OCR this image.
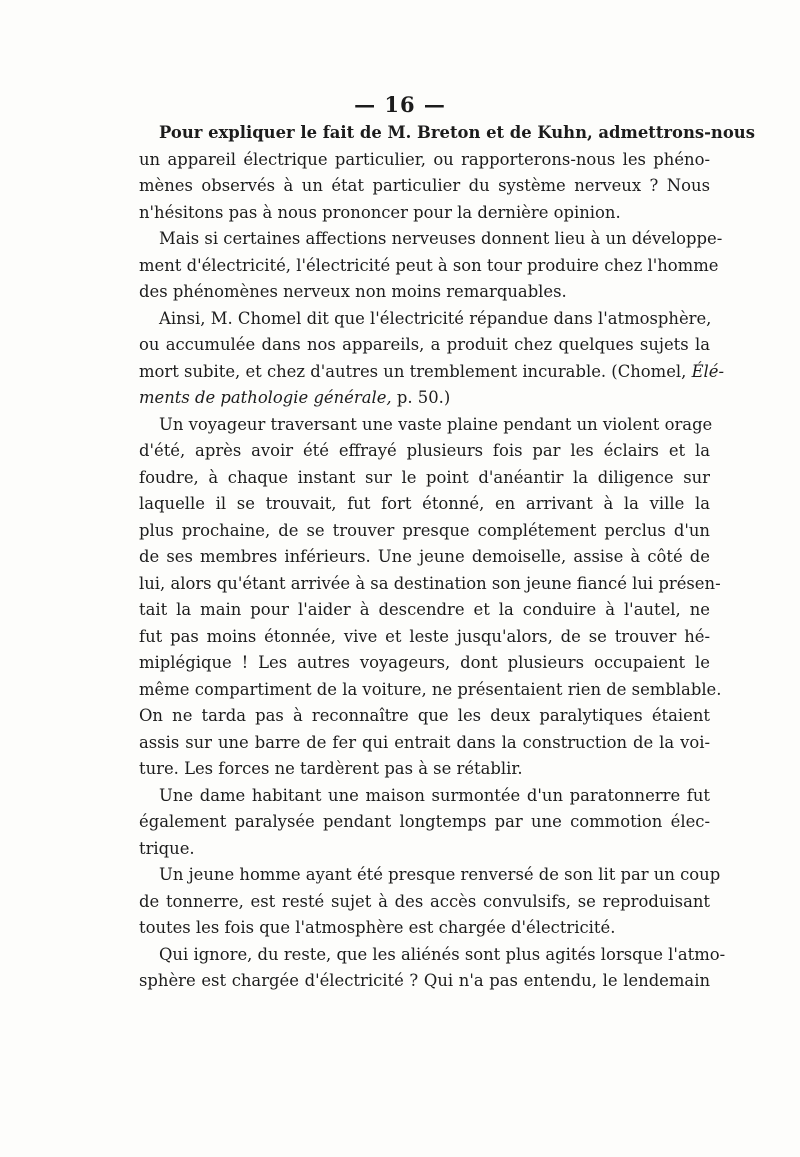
— 16 —
Pour expliquer le fait de M. Breton et de Kuhn, admettrons-nous
un appareil électrique particulier, ou rapporterons-nous les phéno-
mènes observés à un état particulier du système nerveux ? Nous
n'hésitons pas à nous prononcer pour la dernière opinion.
Mais si certaines affections nerveuses donnent lieu à un développe-
ment d'électricité, l'électricité peut à son tour produire chez l'homme
des phénomènes nerveux non moins remarquables.
Ainsi, M. Chomel dit que l'électricité répandue dans l'atmosphère,
ou accumulée dans nos appareils, a produit chez quelques sujets la
mort subite, et chez d'autres un tremblement incurable. (Chomel, Élé-
ments de pathologie générale, p. 50.)
Un voyageur traversant une vaste plaine pendant un violent orage
d'été, après avoir été effrayé plusieurs fois par les éclairs et la
foudre, à chaque instant sur le point d'anéantir la diligence sur
laquelle il se trouvait, fut fort étonné, en arrivant à la ville la
plus prochaine, de se trouver presque complétement perclus d'un
de ses membres inférieurs. Une jeune demoiselle, assise à côté de
lui, alors qu'étant arrivée à sa destination son jeune fiancé lui présen-
tait la main pour l'aider à descendre et la conduire à l'autel, ne
fut pas moins étonnée, vive et leste jusqu'alors, de se trouver hé-
miplégique ! Les autres voyageurs, dont plusieurs occupaient le
même compartiment de la voiture, ne présentaient rien de semblable.
On ne tarda pas à reconnaître que les deux paralytiques étaient
assis sur une barre de fer qui entrait dans la construction de la voi-
ture. Les forces ne tardèrent pas à se rétablir.
Une dame habitant une maison surmontée d'un paratonnerre fut
également paralysée pendant longtemps par une commotion élec-
trique.
Un jeune homme ayant été presque renversé de son lit par un coup
de tonnerre, est resté sujet à des accès convulsifs, se reproduisant
toutes les fois que l'atmosphère est chargée d'électricité.
Qui ignore, du reste, que les aliénés sont plus agités lorsque l'atmo-
sphère est chargée d'électricité ? Qui n'a pas entendu, le lendemain
